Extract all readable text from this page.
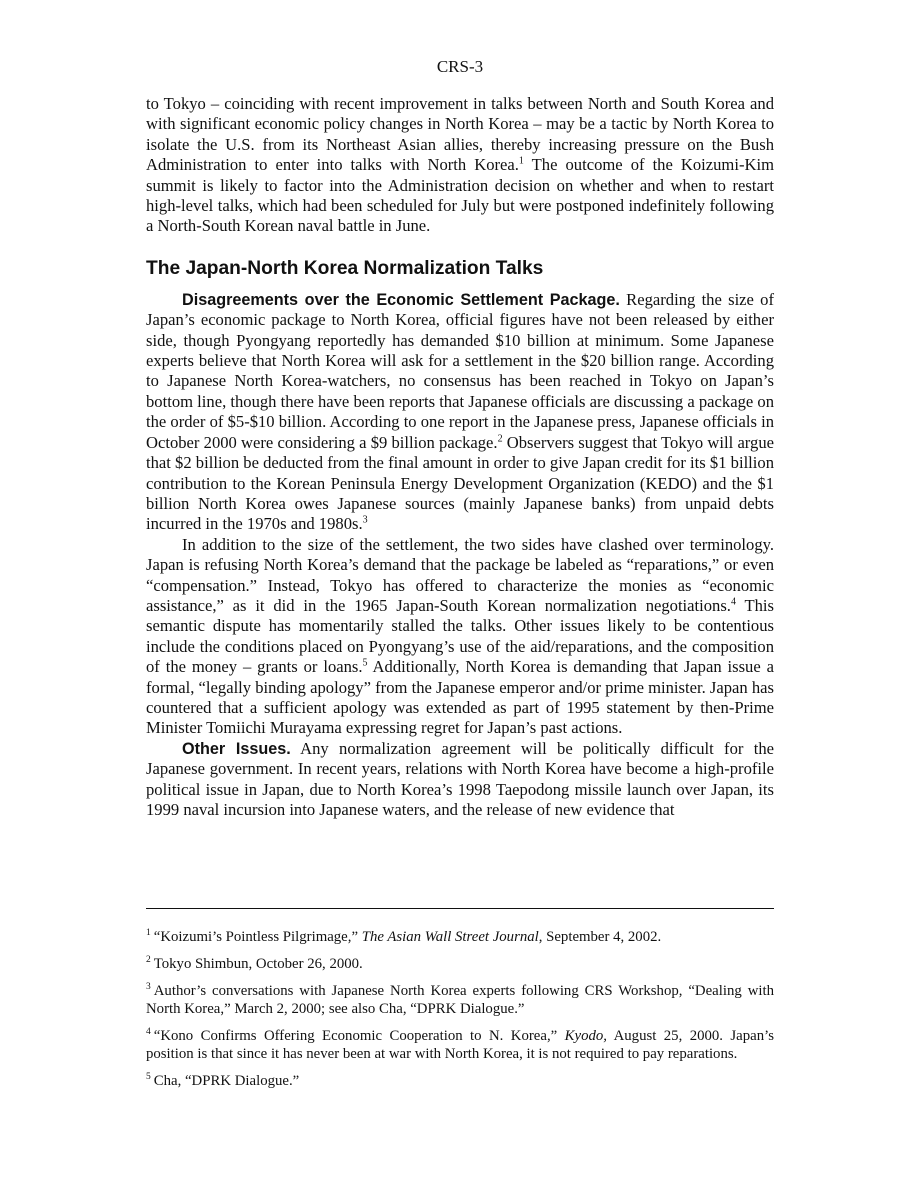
CRS-3

to Tokyo – coinciding with recent improvement in talks between North and South Korea and with significant economic policy changes in North Korea – may be a tactic by North Korea to isolate the U.S. from its Northeast Asian allies, thereby increasing pressure on the Bush Administration to enter into talks with North Korea.$^1$ The outcome of the Koizumi-Kim summit is likely to factor into the Administration decision on whether and when to restart high-level talks, which had been scheduled for July but were postponed indefinitely following a North-South Korean naval battle in June.

The Japan-North Korea Normalization Talks

Disagreements over the Economic Settlement Package. Regarding the size of Japan’s economic package to North Korea, official figures have not been released by either side, though Pyongyang reportedly has demanded $10 billion at minimum. Some Japanese experts believe that North Korea will ask for a settlement in the $20 billion range. According to Japanese North Korea-watchers, no consensus has been reached in Tokyo on Japan’s bottom line, though there have been reports that Japanese officials are discussing a package on the order of $5-$10 billion. According to one report in the Japanese press, Japanese officials in October 2000 were considering a $9 billion package.$^2$ Observers suggest that Tokyo will argue that $2 billion be deducted from the final amount in order to give Japan credit for its $1 billion contribution to the Korean Peninsula Energy Development Organization (KEDO) and the $1 billion North Korea owes Japanese sources (mainly Japanese banks) from unpaid debts incurred in the 1970s and 1980s.$^3$

In addition to the size of the settlement, the two sides have clashed over terminology. Japan is refusing North Korea’s demand that the package be labeled as “reparations,” or even “compensation.” Instead, Tokyo has offered to characterize the monies as “economic assistance,” as it did in the 1965 Japan-South Korean normalization negotiations.$^4$ This semantic dispute has momentarily stalled the talks. Other issues likely to be contentious include the conditions placed on Pyongyang’s use of the aid/reparations, and the composition of the money – grants or loans.$^5$ Additionally, North Korea is demanding that Japan issue a formal, “legally binding apology” from the Japanese emperor and/or prime minister. Japan has countered that a sufficient apology was extended as part of 1995 statement by then-Prime Minister Tomiichi Murayama expressing regret for Japan’s past actions.

Other Issues. Any normalization agreement will be politically difficult for the Japanese government. In recent years, relations with North Korea have become a high-profile political issue in Japan, due to North Korea’s 1998 Taepodong missile launch over Japan, its 1999 naval incursion into Japanese waters, and the release of new evidence that

$^1$ “Koizumi’s Pointless Pilgrimage,” The Asian Wall Street Journal, September 4, 2002.

$^2$ Tokyo Shimbun, October 26, 2000.

$^3$ Author’s conversations with Japanese North Korea experts following CRS Workshop, “Dealing with North Korea,” March 2, 2000; see also Cha, “DPRK Dialogue.”

$^4$ “Kono Confirms Offering Economic Cooperation to N. Korea,” Kyodo, August 25, 2000. Japan’s position is that since it has never been at war with North Korea, it is not required to pay reparations.

$^5$ Cha, “DPRK Dialogue.”
